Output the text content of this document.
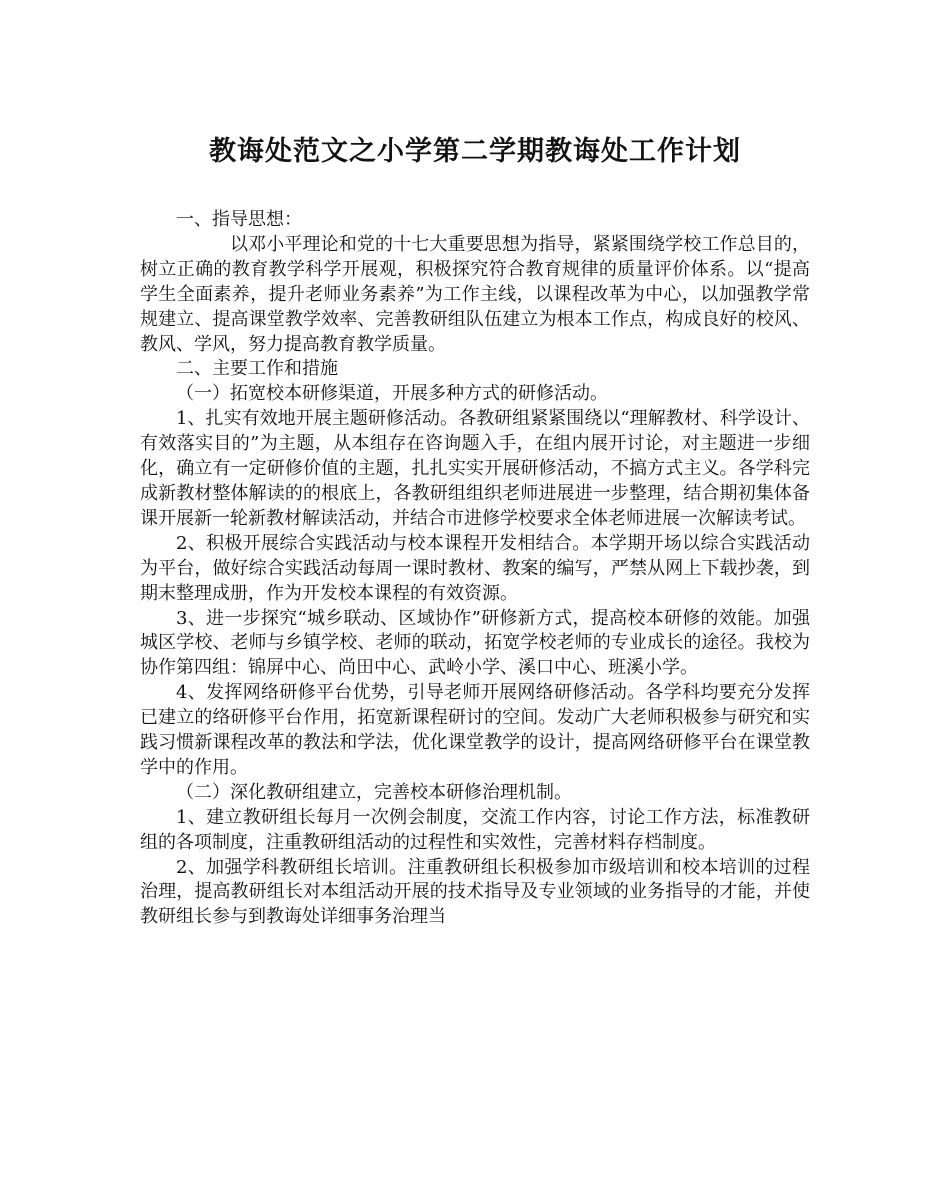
教诲处范文之小学第二学期教诲处工作计划

一、指导思想：

以邓小平理论和党的十七大重要思想为指导，紧紧围绕学校工作总目的，树立正确的教育教学科学开展观，积极探究符合教育规律的质量评价体系。以“提高学生全面素养，提升老师业务素养”为工作主线，以课程改革为中心，以加强教学常规建立、提高课堂教学效率、完善教研组队伍建立为根本工作点，构成良好的校风、教风、学风，努力提高教育教学质量。

二、主要工作和措施

（一）拓宽校本研修渠道，开展多种方式的研修活动。

1、扎实有效地开展主题研修活动。各教研组紧紧围绕以“理解教材、科学设计、有效落实目的”为主题，从本组存在咨询题入手，在组内展开讨论，对主题进一步细化，确立有一定研修价值的主题，扎扎实实开展研修活动，不搞方式主义。各学科完成新教材整体解读的的根底上，各教研组组织老师进展进一步整理，结合期初集体备课开展新一轮新教材解读活动，并结合市进修学校要求全体老师进展一次解读考试。

2、积极开展综合实践活动与校本课程开发相结合。本学期开场以综合实践活动为平台，做好综合实践活动每周一课时教材、教案的编写，严禁从网上下载抄袭，到期末整理成册，作为开发校本课程的有效资源。

3、进一步探究“城乡联动、区域协作”研修新方式，提高校本研修的效能。加强城区学校、老师与乡镇学校、老师的联动，拓宽学校老师的专业成长的途径。我校为协作第四组：锦屏中心、尚田中心、武岭小学、溪口中心、班溪小学。

4、发挥网络研修平台优势，引导老师开展网络研修活动。各学科均要充分发挥已建立的络研修平台作用，拓宽新课程研讨的空间。发动广大老师积极参与研究和实践习惯新课程改革的教法和学法，优化课堂教学的设计，提高网络研修平台在课堂教学中的作用。

（二）深化教研组建立，完善校本研修治理机制。

1、建立教研组长每月一次例会制度，交流工作内容，讨论工作方法，标准教研组的各项制度，注重教研组活动的过程性和实效性，完善材料存档制度。

2、加强学科教研组长培训。注重教研组长积极参加市级培训和校本培训的过程治理，提高教研组长对本组活动开展的技术指导及专业领域的业务指导的才能，并使教研组长参与到教诲处详细事务治理当
